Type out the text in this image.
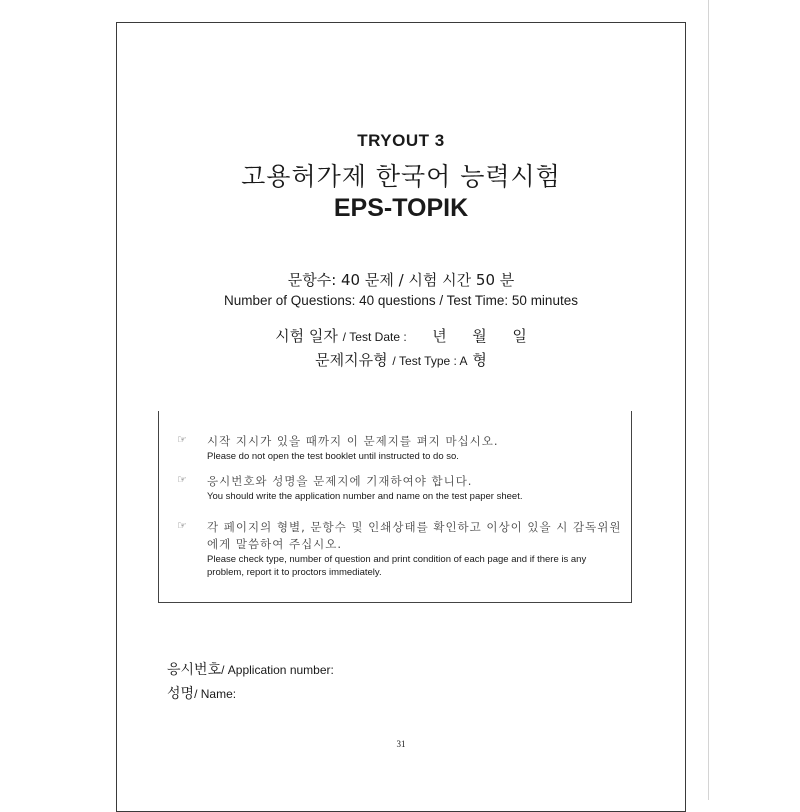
TRYOUT 3
고용허가제 한국어 능력시험
EPS-TOPIK
문항수: 40 문제 / 시험 시간 50 분
Number of Questions: 40 questions / Test Time: 50 minutes
시험 일자 / Test Date : 년 월 일
문제지유형 / Test Type : A 형
☞	시작 지시가 있을 때까지 이 문제지를 펴지 마십시오.
Please do not open the test booklet until instructed to do so.
☞	응시번호와 성명을 문제지에 기재하여야 합니다.
You should write the application number and name on the test paper sheet.
☞	각 페이지의 형별, 문항수 및 인쇄상태를 확인하고 이상이 있을 시 감독위원에게 말씀하여 주십시오.
Please check type, number of question and print condition of each page and if there is any problem, report it to proctors immediately.
응시번호/ Application number:
성명/ Name:
31
